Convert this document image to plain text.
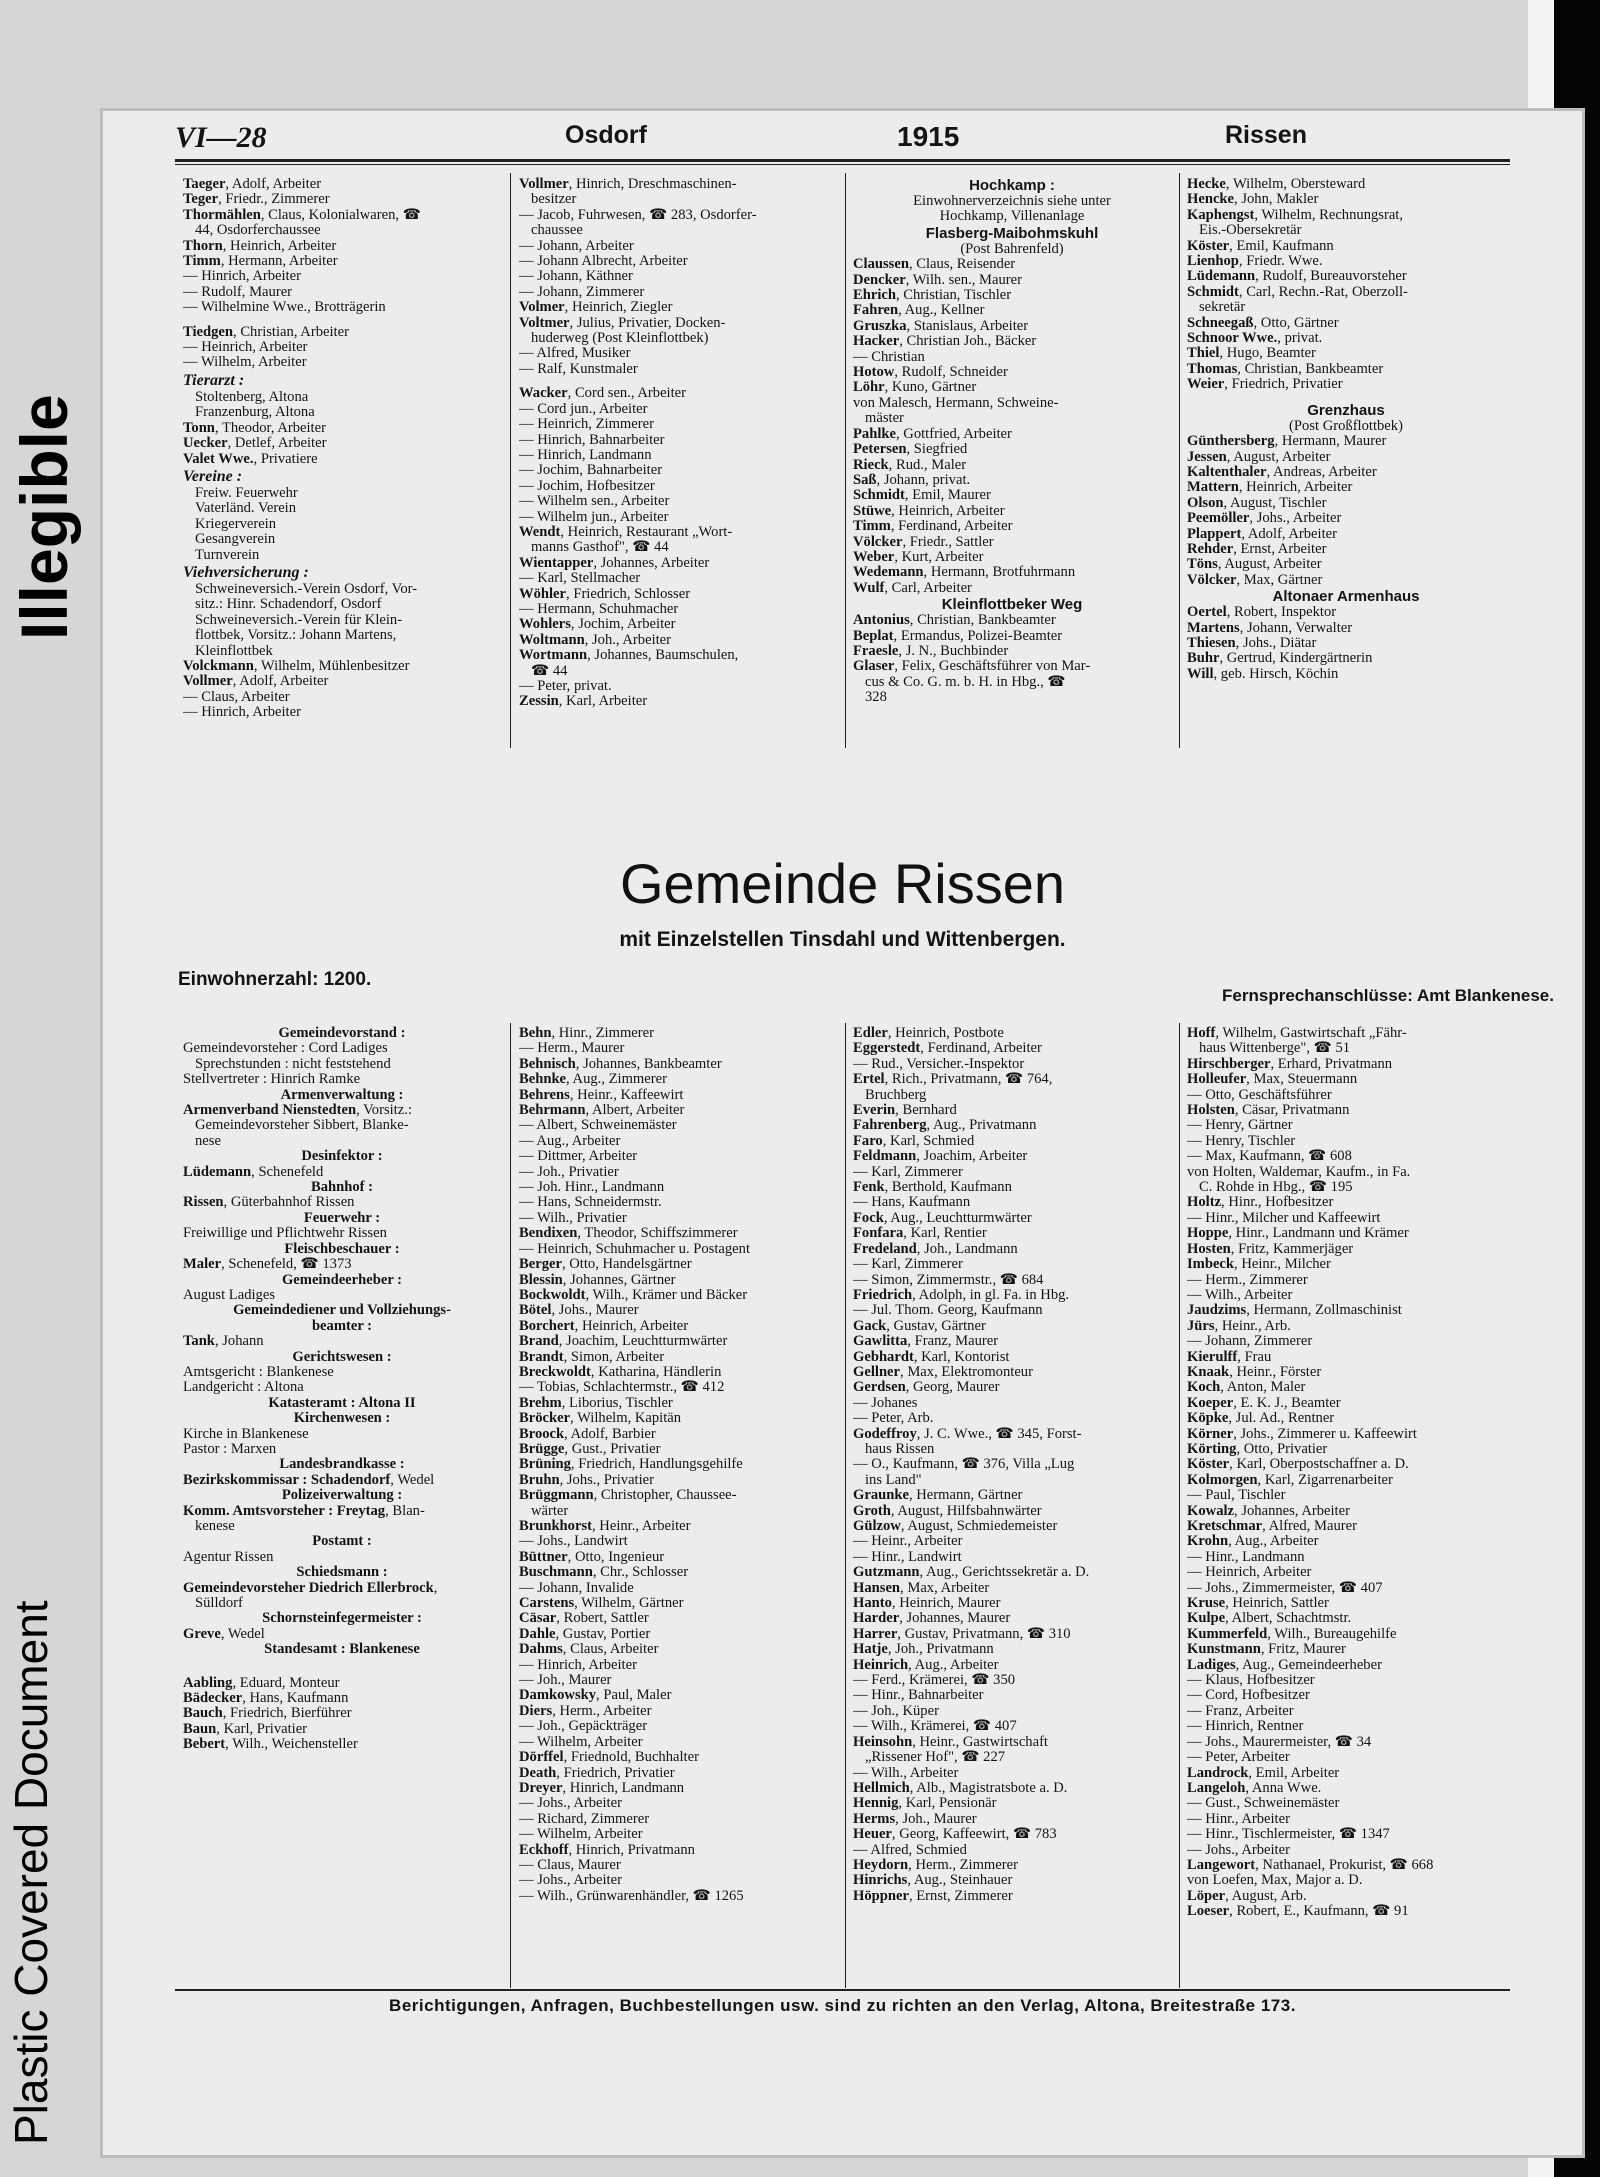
Illegible
Plastic Covered Document
VI—28	Osdorf	1915	Rissen
Taeger, Adolf, Arbeiter
Teger, Friedr., Zimmerer
Thormählen, Claus, Kolonialwaren, ☎
44, Osdorferchaussee
Thorn, Heinrich, Arbeiter
Timm, Hermann, Arbeiter
— Hinrich, Arbeiter
— Rudolf, Maurer
— Wilhelmine Wwe., Brotträgerin
Tiedgen, Christian, Arbeiter
— Heinrich, Arbeiter
— Wilhelm, Arbeiter
Tierarzt :
Stoltenberg, Altona
Franzenburg, Altona
Tonn, Theodor, Arbeiter
Uecker, Detlef, Arbeiter
Valet Wwe., Privatiere
Vereine :
Freiw. Feuerwehr
Vaterländ. Verein
Kriegerverein
Gesangverein
Turnverein
Viehversicherung :
Schweineversich.-Verein Osdorf, Vor-
sitz.: Hinr. Schadendorf, Osdorf
Schweineversich.-Verein für Klein-
flottbek, Vorsitz.: Johann Martens,
Kleinflottbek
Volckmann, Wilhelm, Mühlenbesitzer
Vollmer, Adolf, Arbeiter
— Claus, Arbeiter
— Hinrich, Arbeiter
Vollmer, Hinrich, Dreschmaschinen-
besitzer
— Jacob, Fuhrwesen, ☎ 283, Osdorfer-
chaussee
— Johann, Arbeiter
— Johann Albrecht, Arbeiter
— Johann, Käthner
— Johann, Zimmerer
Volmer, Heinrich, Ziegler
Voltmer, Julius, Privatier, Docken-
huderweg (Post Kleinflottbek)
— Alfred, Musiker
— Ralf, Kunstmaler
Wacker, Cord sen., Arbeiter
— Cord jun., Arbeiter
— Heinrich, Zimmerer
— Hinrich, Bahnarbeiter
— Hinrich, Landmann
— Jochim, Bahnarbeiter
— Jochim, Hofbesitzer
— Wilhelm sen., Arbeiter
— Wilhelm jun., Arbeiter
Wendt, Heinrich, Restaurant „Wort-
manns Gasthof", ☎ 44
Wientapper, Johannes, Arbeiter
— Karl, Stellmacher
Wöhler, Friedrich, Schlosser
— Hermann, Schuhmacher
Wohlers, Jochim, Arbeiter
Woltmann, Joh., Arbeiter
Wortmann, Johannes, Baumschulen,
☎ 44
— Peter, privat.
Zessin, Karl, Arbeiter
Hochkamp :
Einwohnerverzeichnis siehe unter
Hochkamp, Villenanlage
Flasberg-Maibohmskuhl
(Post Bahrenfeld)
Claussen, Claus, Reisender
Dencker, Wilh. sen., Maurer
Ehrich, Christian, Tischler
Fahren, Aug., Kellner
Gruszka, Stanislaus, Arbeiter
Hacker, Christian Joh., Bäcker
— Christian
Hotow, Rudolf, Schneider
Löhr, Kuno, Gärtner
von Malesch, Hermann, Schweine-
mäster
Pahlke, Gottfried, Arbeiter
Petersen, Siegfried
Rieck, Rud., Maler
Saß, Johann, privat.
Schmidt, Emil, Maurer
Stüwe, Heinrich, Arbeiter
Timm, Ferdinand, Arbeiter
Völcker, Friedr., Sattler
Weber, Kurt, Arbeiter
Wedemann, Hermann, Brotfuhrmann
Wulf, Carl, Arbeiter
Kleinflottbeker Weg
Antonius, Christian, Bankbeamter
Beplat, Ermandus, Polizei-Beamter
Fraesle, J. N., Buchbinder
Glaser, Felix, Geschäftsführer von Mar-
cus & Co. G. m. b. H. in Hbg., ☎
328
Hecke, Wilhelm, Obersteward
Hencke, John, Makler
Kaphengst, Wilhelm, Rechnungsrat,
Eis.-Obersekretär
Köster, Emil, Kaufmann
Lienhop, Friedr. Wwe.
Lüdemann, Rudolf, Bureauvorsteher
Schmidt, Carl, Rechn.-Rat, Oberzoll-
sekretär
Schneegaß, Otto, Gärtner
Schnoor Wwe., privat.
Thiel, Hugo, Beamter
Thomas, Christian, Bankbeamter
Weier, Friedrich, Privatier
Grenzhaus
(Post Großflottbek)
Günthersberg, Hermann, Maurer
Jessen, August, Arbeiter
Kaltenthaler, Andreas, Arbeiter
Mattern, Heinrich, Arbeiter
Olson, August, Tischler
Peemöller, Johs., Arbeiter
Plappert, Adolf, Arbeiter
Rehder, Ernst, Arbeiter
Töns, August, Arbeiter
Völcker, Max, Gärtner
Altonaer Armenhaus
Oertel, Robert, Inspektor
Martens, Johann, Verwalter
Thiesen, Johs., Diätar
Buhr, Gertrud, Kindergärtnerin
Will, geb. Hirsch, Köchin
Gemeinde Rissen
mit Einzelstellen Tinsdahl und Wittenbergen.
Einwohnerzahl: 1200.
Fernsprechanschlüsse: Amt Blankenese.
Gemeindevorstand :
Gemeindevorsteher : Cord Ladiges
Sprechstunden : nicht feststehend
Stellvertreter : Hinrich Ramke
Armenverwaltung :
Armenverband Nienstedten, Vorsitz.:
Gemeindevorsteher Sibbert, Blanke-
nese
Desinfektor :
Lüdemann, Schenefeld
Bahnhof :
Rissen, Güterbahnhof Rissen
Feuerwehr :
Freiwillige und Pflichtwehr Rissen
Fleischbeschauer :
Maler, Schenefeld, ☎ 1373
Gemeindeerheber :
August Ladiges
Gemeindediener und Vollziehungs-
beamter :
Tank, Johann
Gerichtswesen :
Amtsgericht : Blankenese
Landgericht : Altona
Katasteramt : Altona II
Kirchenwesen :
Kirche in Blankenese
Pastor : Marxen
Landesbrandkasse :
Bezirkskommissar : Schadendorf, Wedel
Polizeiverwaltung :
Komm. Amtsvorsteher : Freytag, Blan-
kenese
Postamt :
Agentur Rissen
Schiedsmann :
Gemeindevorsteher Diedrich Ellerbrock,
Sülldorf
Schornsteinfegermeister :
Greve, Wedel
Standesamt : Blankenese
Aabling, Eduard, Monteur
Bädecker, Hans, Kaufmann
Bauch, Friedrich, Bierführer
Baun, Karl, Privatier
Bebert, Wilh., Weichensteller
Behn, Hinr., Zimmerer
— Herm., Maurer
Behnisch, Johannes, Bankbeamter
Behnke, Aug., Zimmerer
Behrens, Heinr., Kaffeewirt
Behrmann, Albert, Arbeiter
— Albert, Schweinemäster
— Aug., Arbeiter
— Dittmer, Arbeiter
— Joh., Privatier
— Joh. Hinr., Landmann
— Hans, Schneidermstr.
— Wilh., Privatier
Bendixen, Theodor, Schiffszimmerer
— Heinrich, Schuhmacher u. Postagent
Berger, Otto, Handelsgärtner
Blessin, Johannes, Gärtner
Bockwoldt, Wilh., Krämer und Bäcker
Bötel, Johs., Maurer
Borchert, Heinrich, Arbeiter
Brand, Joachim, Leuchtturmwärter
Brandt, Simon, Arbeiter
Breckwoldt, Katharina, Händlerin
— Tobias, Schlachtermstr., ☎ 412
Brehm, Liborius, Tischler
Bröcker, Wilhelm, Kapitän
Broock, Adolf, Barbier
Brügge, Gust., Privatier
Brüning, Friedrich, Handlungsgehilfe
Bruhn, Johs., Privatier
Brüggmann, Christopher, Chaussee-
wärter
Brunkhorst, Heinr., Arbeiter
— Johs., Landwirt
Büttner, Otto, Ingenieur
Buschmann, Chr., Schlosser
— Johann, Invalide
Carstens, Wilhelm, Gärtner
Cäsar, Robert, Sattler
Dahle, Gustav, Portier
Dahms, Claus, Arbeiter
— Hinrich, Arbeiter
— Joh., Maurer
Damkowsky, Paul, Maler
Diers, Herm., Arbeiter
— Joh., Gepäckträger
— Wilhelm, Arbeiter
Dörffel, Friednold, Buchhalter
Death, Friedrich, Privatier
Dreyer, Hinrich, Landmann
— Johs., Arbeiter
— Richard, Zimmerer
— Wilhelm, Arbeiter
Eckhoff, Hinrich, Privatmann
— Claus, Maurer
— Johs., Arbeiter
— Wilh., Grünwarenhändler, ☎ 1265
Edler, Heinrich, Postbote
Eggerstedt, Ferdinand, Arbeiter
— Rud., Versicher.-Inspektor
Ertel, Rich., Privatmann, ☎ 764,
Bruchberg
Everin, Bernhard
Fahrenberg, Aug., Privatmann
Faro, Karl, Schmied
Feldmann, Joachim, Arbeiter
— Karl, Zimmerer
Fenk, Berthold, Kaufmann
— Hans, Kaufmann
Fock, Aug., Leuchtturmwärter
Fonfara, Karl, Rentier
Fredeland, Joh., Landmann
— Karl, Zimmerer
— Simon, Zimmermstr., ☎ 684
Friedrich, Adolph, in gl. Fa. in Hbg.
— Jul. Thom. Georg, Kaufmann
Gack, Gustav, Gärtner
Gawlitta, Franz, Maurer
Gebhardt, Karl, Kontorist
Gellner, Max, Elektromonteur
Gerdsen, Georg, Maurer
— Johanes
— Peter, Arb.
Godeffroy, J. C. Wwe., ☎ 345, Forst-
haus Rissen
— O., Kaufmann, ☎ 376, Villa „Lug
ins Land"
Graunke, Hermann, Gärtner
Groth, August, Hilfsbahnwärter
Gülzow, August, Schmiedemeister
— Heinr., Arbeiter
— Hinr., Landwirt
Gutzmann, Aug., Gerichtssekretär a. D.
Hansen, Max, Arbeiter
Hanto, Heinrich, Maurer
Harder, Johannes, Maurer
Harrer, Gustav, Privatmann, ☎ 310
Hatje, Joh., Privatmann
Heinrich, Aug., Arbeiter
— Ferd., Krämerei, ☎ 350
— Hinr., Bahnarbeiter
— Joh., Küper
— Wilh., Krämerei, ☎ 407
Heinsohn, Heinr., Gastwirtschaft
„Rissener Hof", ☎ 227
— Wilh., Arbeiter
Hellmich, Alb., Magistratsbote a. D.
Hennig, Karl, Pensionär
Herms, Joh., Maurer
Heuer, Georg, Kaffeewirt, ☎ 783
— Alfred, Schmied
Heydorn, Herm., Zimmerer
Hinrichs, Aug., Steinhauer
Höppner, Ernst, Zimmerer
Hoff, Wilhelm, Gastwirtschaft „Fähr-
haus Wittenberge", ☎ 51
Hirschberger, Erhard, Privatmann
Holleufer, Max, Steuermann
— Otto, Geschäftsführer
Holsten, Cäsar, Privatmann
— Henry, Gärtner
— Henry, Tischler
— Max, Kaufmann, ☎ 608
von Holten, Waldemar, Kaufm., in Fa.
C. Rohde in Hbg., ☎ 195
Holtz, Hinr., Hofbesitzer
— Hinr., Milcher und Kaffeewirt
Hoppe, Hinr., Landmann und Krämer
Hosten, Fritz, Kammerjäger
Imbeck, Heinr., Milcher
— Herm., Zimmerer
— Wilh., Arbeiter
Jaudzims, Hermann, Zollmaschinist
Jürs, Heinr., Arb.
— Johann, Zimmerer
Kierulff, Frau
Knaak, Heinr., Förster
Koch, Anton, Maler
Koeper, E. K. J., Beamter
Köpke, Jul. Ad., Rentner
Körner, Johs., Zimmerer u. Kaffeewirt
Körting, Otto, Privatier
Köster, Karl, Oberpostschaffner a. D.
Kolmorgen, Karl, Zigarrenarbeiter
— Paul, Tischler
Kowalz, Johannes, Arbeiter
Kretschmar, Alfred, Maurer
Krohn, Aug., Arbeiter
— Hinr., Landmann
— Heinrich, Arbeiter
— Johs., Zimmermeister, ☎ 407
Kruse, Heinrich, Sattler
Kulpe, Albert, Schachtmstr.
Kummerfeld, Wilh., Bureaugehilfe
Kunstmann, Fritz, Maurer
Ladiges, Aug., Gemeindeerheber
— Klaus, Hofbesitzer
— Cord, Hofbesitzer
— Franz, Arbeiter
— Hinrich, Rentner
— Johs., Maurermeister, ☎ 34
— Peter, Arbeiter
Landrock, Emil, Arbeiter
Langeloh, Anna Wwe.
— Gust., Schweinemäster
— Hinr., Arbeiter
— Hinr., Tischlermeister, ☎ 1347
— Johs., Arbeiter
Langewort, Nathanael, Prokurist, ☎ 668
von Loefen, Max, Major a. D.
Löper, August, Arb.
Loeser, Robert, E., Kaufmann, ☎ 91
Berichtigungen, Anfragen, Buchbestellungen usw. sind zu richten an den Verlag, Altona, Breitestraße 173.
